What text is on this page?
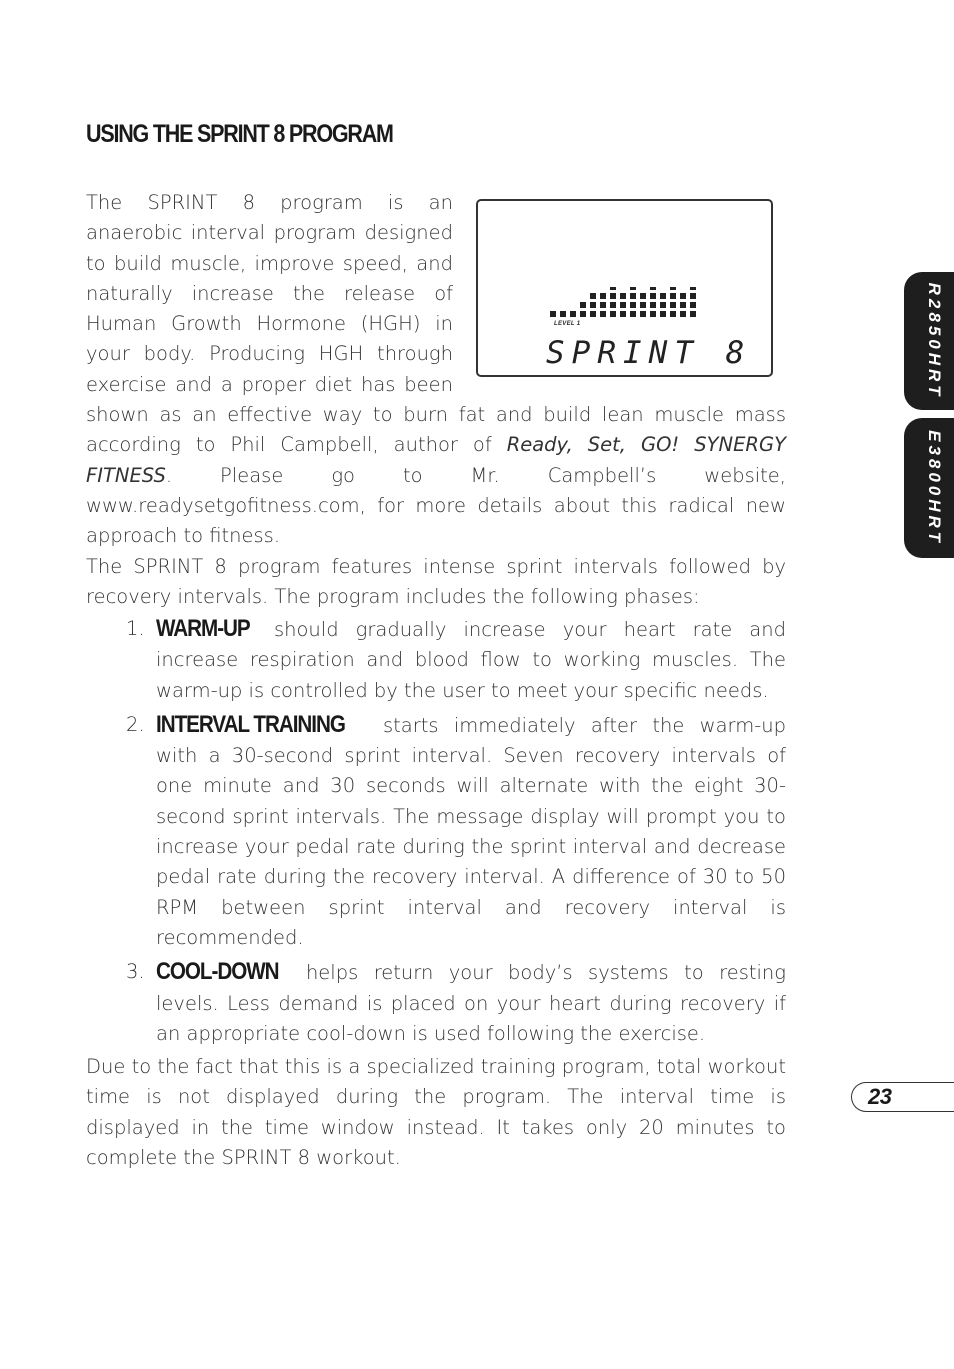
USING THE SPRINT 8 PROGRAM

The SPRINT 8 program is an anaerobic interval program designed to build muscle, improve speed, and naturally increase the release of Human Growth Hormone (HGH) in your body. Producing HGH through exercise and a proper diet has been shown as an effective way to burn fat and build lean muscle mass according to Phil Campbell, author of Ready, Set, GO! SYNERGY FITNESS. Please go to Mr. Campbell’s website, www.readysetgofitness.com, for more details about this radical new approach to fitness.

LEVEL 1
SPRINT 8

The SPRINT 8 program features intense sprint intervals followed by recovery intervals. The program includes the following phases:

1. WARM-UP should gradually increase your heart rate and increase respiration and blood flow to working muscles. The warm-up is controlled by the user to meet your specific needs.
2. INTERVAL TRAINING starts immediately after the warm-up with a 30-second sprint interval. Seven recovery intervals of one minute and 30 seconds will alternate with the eight 30-second sprint intervals. The message display will prompt you to increase your pedal rate during the sprint interval and decrease pedal rate during the recovery interval. A difference of 30 to 50 RPM between sprint interval and recovery interval is recommended.
3. COOL-DOWN helps return your body’s systems to resting levels. Less demand is placed on your heart during recovery if an appropriate cool-down is used following the exercise.

Due to the fact that this is a specialized training program, total workout time is not displayed during the program. The interval time is displayed in the time window instead. It takes only 20 minutes to complete the SPRINT 8 workout.

R2850HRT
E3800HRT
23
